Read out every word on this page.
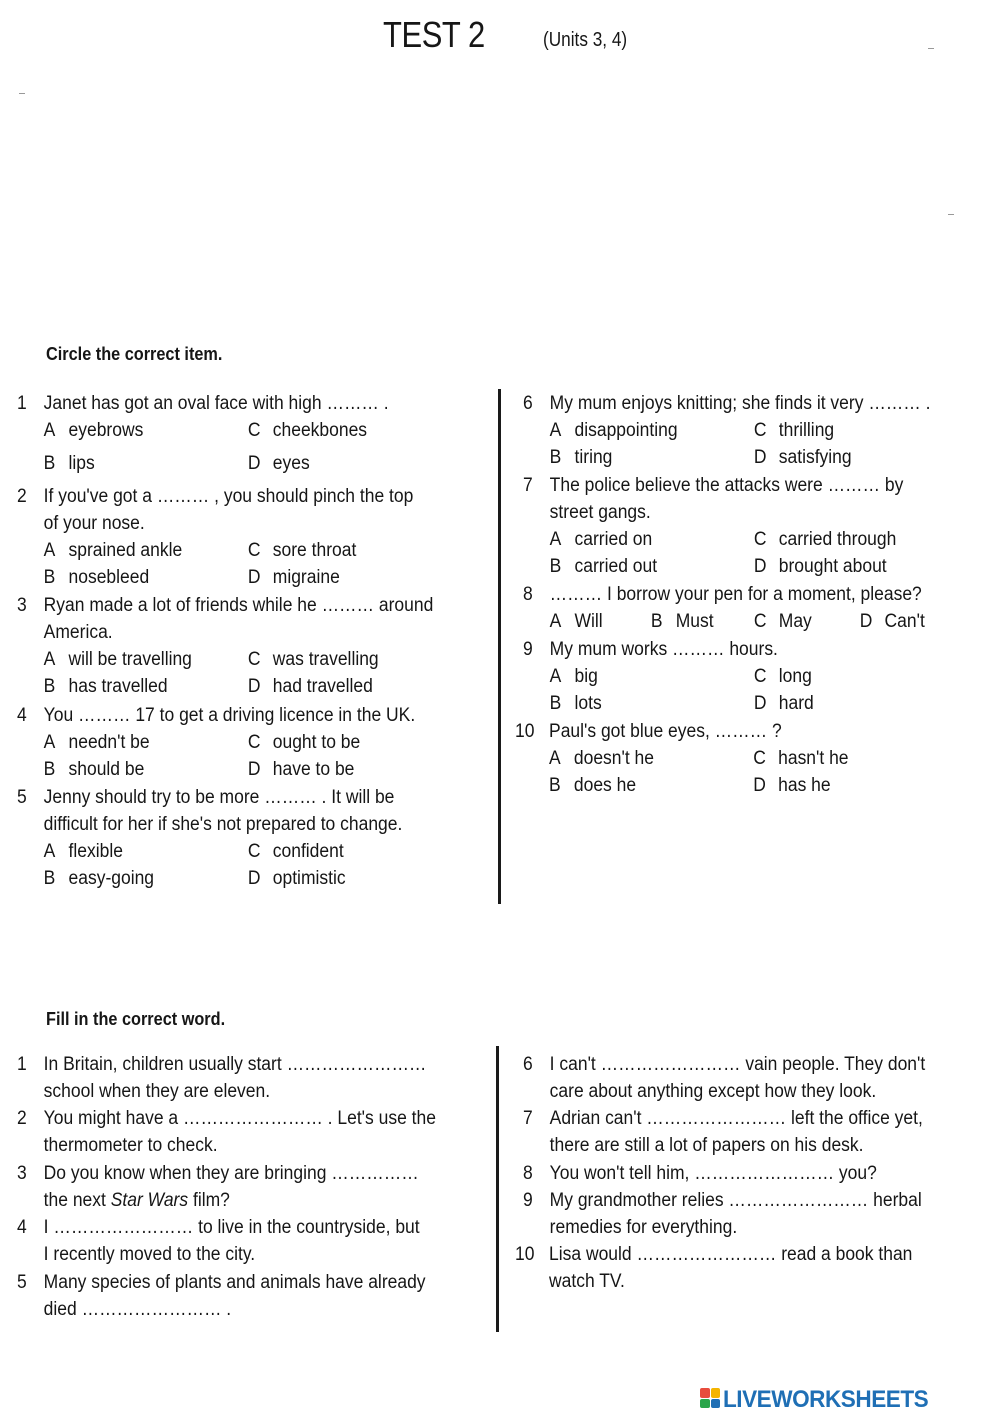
TEST 2	(Units 3, 4)
Circle the correct item.
1 Janet has got an oval face with high ……… .
A eyebrows
B lips
C cheekbones
D eyes
2 If you've got a ……… , you should pinch the top
of your nose.
A sprained ankle
B nosebleed
C sore throat
D migraine
3 Ryan made a lot of friends while he ……… around
America.
A will be travelling
B has travelled
C was travelling
D had travelled
4 You ……… 17 to get a driving licence in the UK.
A needn't be
B should be
C ought to be
D have to be
5 Jenny should try to be more ……… . It will be
difficult for her if she's not prepared to change.
A flexible
B easy-going
C confident
D optimistic
6 My mum enjoys knitting; she finds it very ……… .
A disappointing
B tiring
C thrilling
D satisfying
7 The police believe the attacks were ……… by
street gangs.
A carried on
B carried out
C carried through
D brought about
8 ……… I borrow your pen for a moment, please?
A Will	B Must C May	D Can't
9 My mum works ……… hours.
A big
B lots
C long
D hard
10 Paul's got blue eyes, ……… ?
A doesn't he
B does he
C hasn't he
D has he
Fill in the correct word.
1 In Britain, children usually start ……………………
school when they are eleven.
2 You might have a …………………… . Let's use the
thermometer to check.
3 Do you know when they are bringing ……………
the next Star Wars film?
4 I …………………… to live in the countryside, but
I recently moved to the city.
5 Many species of plants and animals have already
died …………………… .
6 I can't …………………… vain people. They don't
care about anything except how they look.
7 Adrian can't …………………… left the office yet,
there are still a lot of papers on his desk.
8 You won't tell him, …………………… you?
9 My grandmother relies …………………… herbal
remedies for everything.
10 Lisa would …………………… read a book than
watch TV.
LIVEWORKSHEETS
